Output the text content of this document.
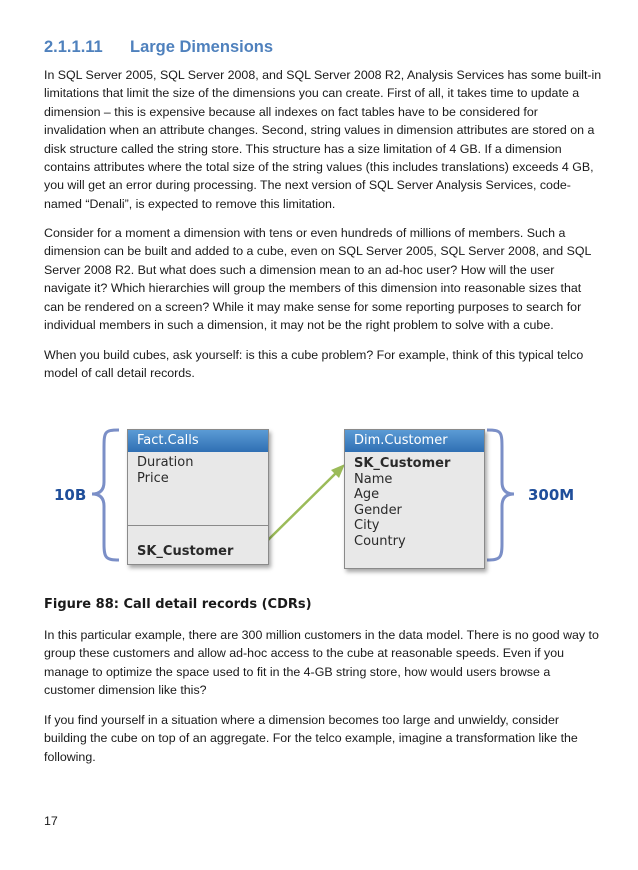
2.1.1.11 Large Dimensions

In SQL Server 2005, SQL Server 2008, and SQL Server 2008 R2, Analysis Services has some built-in limitations that limit the size of the dimensions you can create. First of all, it takes time to update a dimension – this is expensive because all indexes on fact tables have to be considered for invalidation when an attribute changes. Second, string values in dimension attributes are stored on a disk structure called the string store. This structure has a size limitation of 4 GB. If a dimension contains attributes where the total size of the string values (this includes translations) exceeds 4 GB, you will get an error during processing. The next version of SQL Server Analysis Services, code-named “Denali”, is expected to remove this limitation.

Consider for a moment a dimension with tens or even hundreds of millions of members. Such a dimension can be built and added to a cube, even on SQL Server 2005, SQL Server 2008, and SQL Server 2008 R2. But what does such a dimension mean to an ad-hoc user? How will the user navigate it? Which hierarchies will group the members of this dimension into reasonable sizes that can be rendered on a screen? While it may make sense for some reporting purposes to search for individual members in such a dimension, it may not be the right problem to solve with a cube.

When you build cubes, ask yourself: is this a cube problem? For example, think of this typical telco model of call detail records.

10B	300M
Fact.Calls
Duration
Price
SK_Customer
Dim.Customer
SK_Customer
Name
Age
Gender
City
Country

Figure 88: Call detail records (CDRs)

In this particular example, there are 300 million customers in the data model. There is no good way to group these customers and allow ad-hoc access to the cube at reasonable speeds. Even if you manage to optimize the space used to fit in the 4-GB string store, how would users browse a customer dimension like this?

If you find yourself in a situation where a dimension becomes too large and unwieldy, consider building the cube on top of an aggregate. For the telco example, imagine a transformation like the following.

17
